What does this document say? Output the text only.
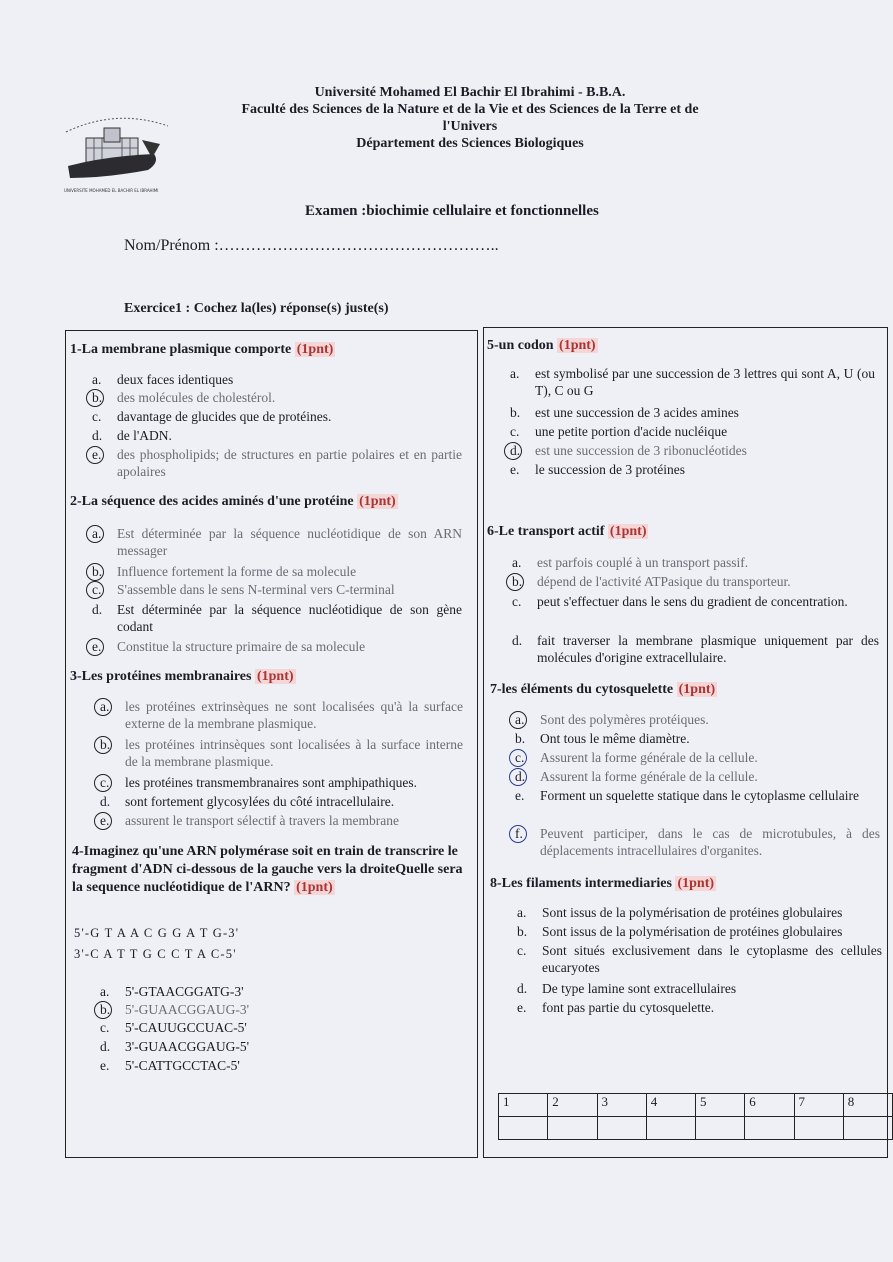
UNIVERSITE MOHAMED EL BACHIR EL IBRAHIMI
Université Mohamed El Bachir El Ibrahimi - B.B.A.
Faculté des Sciences de la Nature et de la Vie et des Sciences de la Terre et de
l'Univers
Département des Sciences Biologiques
Examen :biochimie cellulaire et fonctionnelles
Nom/Prénom :……………………………………………..
Exercice1 : Cochez la(les) réponse(s) juste(s)
1-La membrane plasmique comporte (1pnt)
a. deux faces identiques
b. des molécules de cholestérol.
c. davantage de glucides que de protéines.
d. de l'ADN.
e. des phospholipids; de structures en partie polaires et en partie apolaires
2-La séquence des acides aminés d'une protéine (1pnt)
a. Est déterminée par la séquence nucléotidique de son ARN messager
b. Influence fortement la forme de sa molecule
c. S'assemble dans le sens N-terminal vers C-terminal
d. Est déterminée par la séquence nucléotidique de son gène codant
e. Constitue la structure primaire de sa molecule
3-Les protéines membranaires (1pnt)
a. les protéines extrinsèques ne sont localisées qu'à la surface externe de la membrane plasmique.
b. les protéines intrinsèques sont localisées à la surface interne de la membrane plasmique.
c. les protéines transmembranaires sont amphipathiques.
d. sont fortement glycosylées du côté intracellulaire.
e. assurent le transport sélectif à travers la membrane
4-Imaginez qu'une ARN polymérase soit en train de transcrire le fragment d'ADN ci-dessous de la gauche vers la droiteQuelle sera la sequence nucléotidique de l'ARN? (1pnt)
5'-G T A A C G G A T G-3'
3'-C A T T G C C T A C-5'
a. 5'-GTAACGGATG-3'
b. 5'-GUAACGGAUG-3'
c. 5'-CAUUGCCUAC-5'
d. 3'-GUAACGGAUG-5'
e. 5'-CATTGCCTAC-5'
5-un codon (1pnt)
a. est symbolisé par une succession de 3 lettres qui sont A, U (ou T), C ou G
b. est une succession de 3 acides amines
c. une petite portion d'acide nucléique
d. est une succession de 3 ribonucléotides
e. le succession de 3 protéines
6-Le transport actif (1pnt)
a. est parfois couplé à un transport passif.
b. dépend de l'activité ATPasique du transporteur.
c. peut s'effectuer dans le sens du gradient de concentration.
d. fait traverser la membrane plasmique uniquement par des molécules d'origine extracellulaire.
7-les éléments du cytosquelette (1pnt)
a. Sont des polymères protéiques.
b. Ont tous le même diamètre.
c. Assurent la forme générale de la cellule.
d. Assurent la forme générale de la cellule.
e. Forment un squelette statique dans le cytoplasme cellulaire
f. Peuvent participer, dans le cas de microtubules, à des déplacements intracellulaires d'organites.
8-Les filaments intermediaries (1pnt)
a. Sont issus de la polymérisation de protéines globulaires
b. Sont issus de la polymérisation de protéines globulaires
c. Sont situés exclusivement dans le cytoplasme des cellules eucaryotes
d. De type lamine sont extracellulaires
e. font pas partie du cytosquelette.
1	2	3	4	5	6	7	8
